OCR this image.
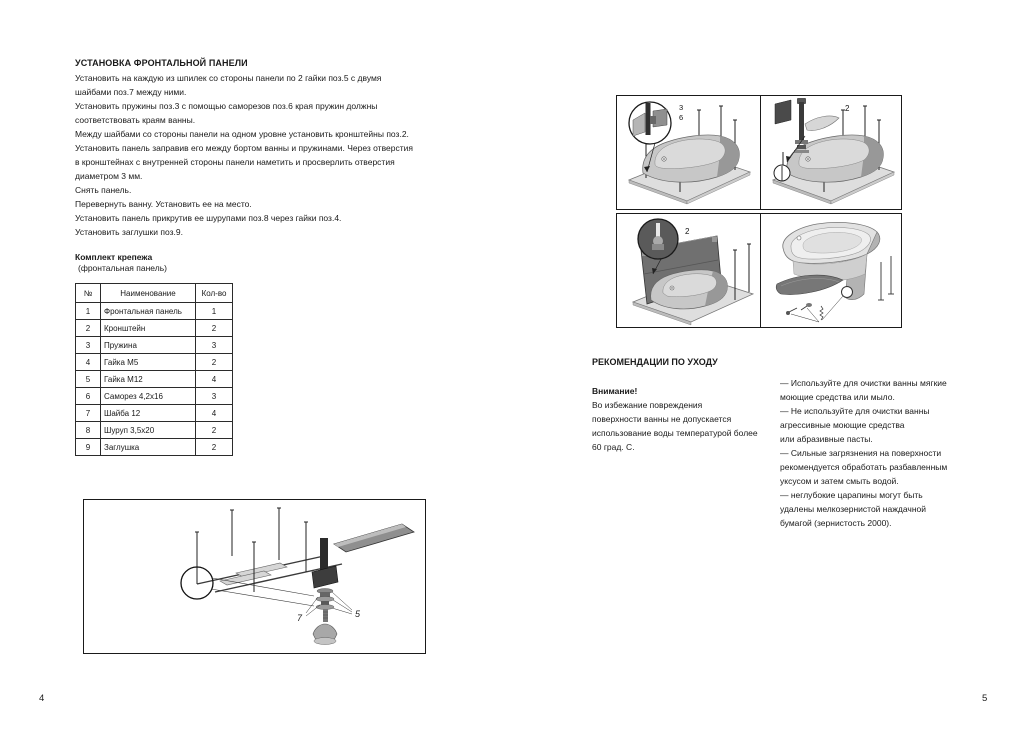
УСТАНОВКА ФРОНТАЛЬНОЙ ПАНЕЛИ
Установить на каждую из шпилек со стороны панели по 2 гайки поз.5 с двумя
шайбами поз.7 между ними.
Установить пружины поз.3 с помощью саморезов поз.6 края пружин должны
соответствовать краям ванны.
Между шайбами со стороны панели на одном уровне установить кронштейны поз.2.
Установить панель заправив его между бортом ванны и пружинами. Через отверстия
в кронштейнах с внутренней стороны панели наметить и просверлить отверстия
диаметром 3 мм.
Снять панель.
Перевернуть ванну. Установить ее на место.
Установить панель прикрутив ее шурупами поз.8 через гайки поз.4.
Установить заглушки поз.9.
Комплект крепежа
(фронтальная панель)
№	Наименование	Кол-во
1	Фронтальная панель	1
2	Кронштейн	2
3	Пружина	3
4	Гайка М5	2
5	Гайка М12	4
6	Саморез 4,2х16	3
7	Шайба 12	4
8	Шуруп 3,5х20	2
9	Заглушка	2
3
6
2
2
РЕКОМЕНДАЦИИ ПО УХОДУ
Внимание!
Во избежание повреждения
поверхности ванны не допускается
использование воды температурой более
60 град. С.
— Используйте для очистки ванны мягкие
моющие средства или мыло.
— Не используйте для очистки ванны
агрессивные моющие средства
или абразивные пасты.
— Сильные загрязнения на поверхности
рекомендуется обработать разбавленным
уксусом и затем смыть водой.
— неглубокие царапины могут быть
удалены мелкозернистой наждачной
бумагой (зернистость 2000).
7	5
4	5
